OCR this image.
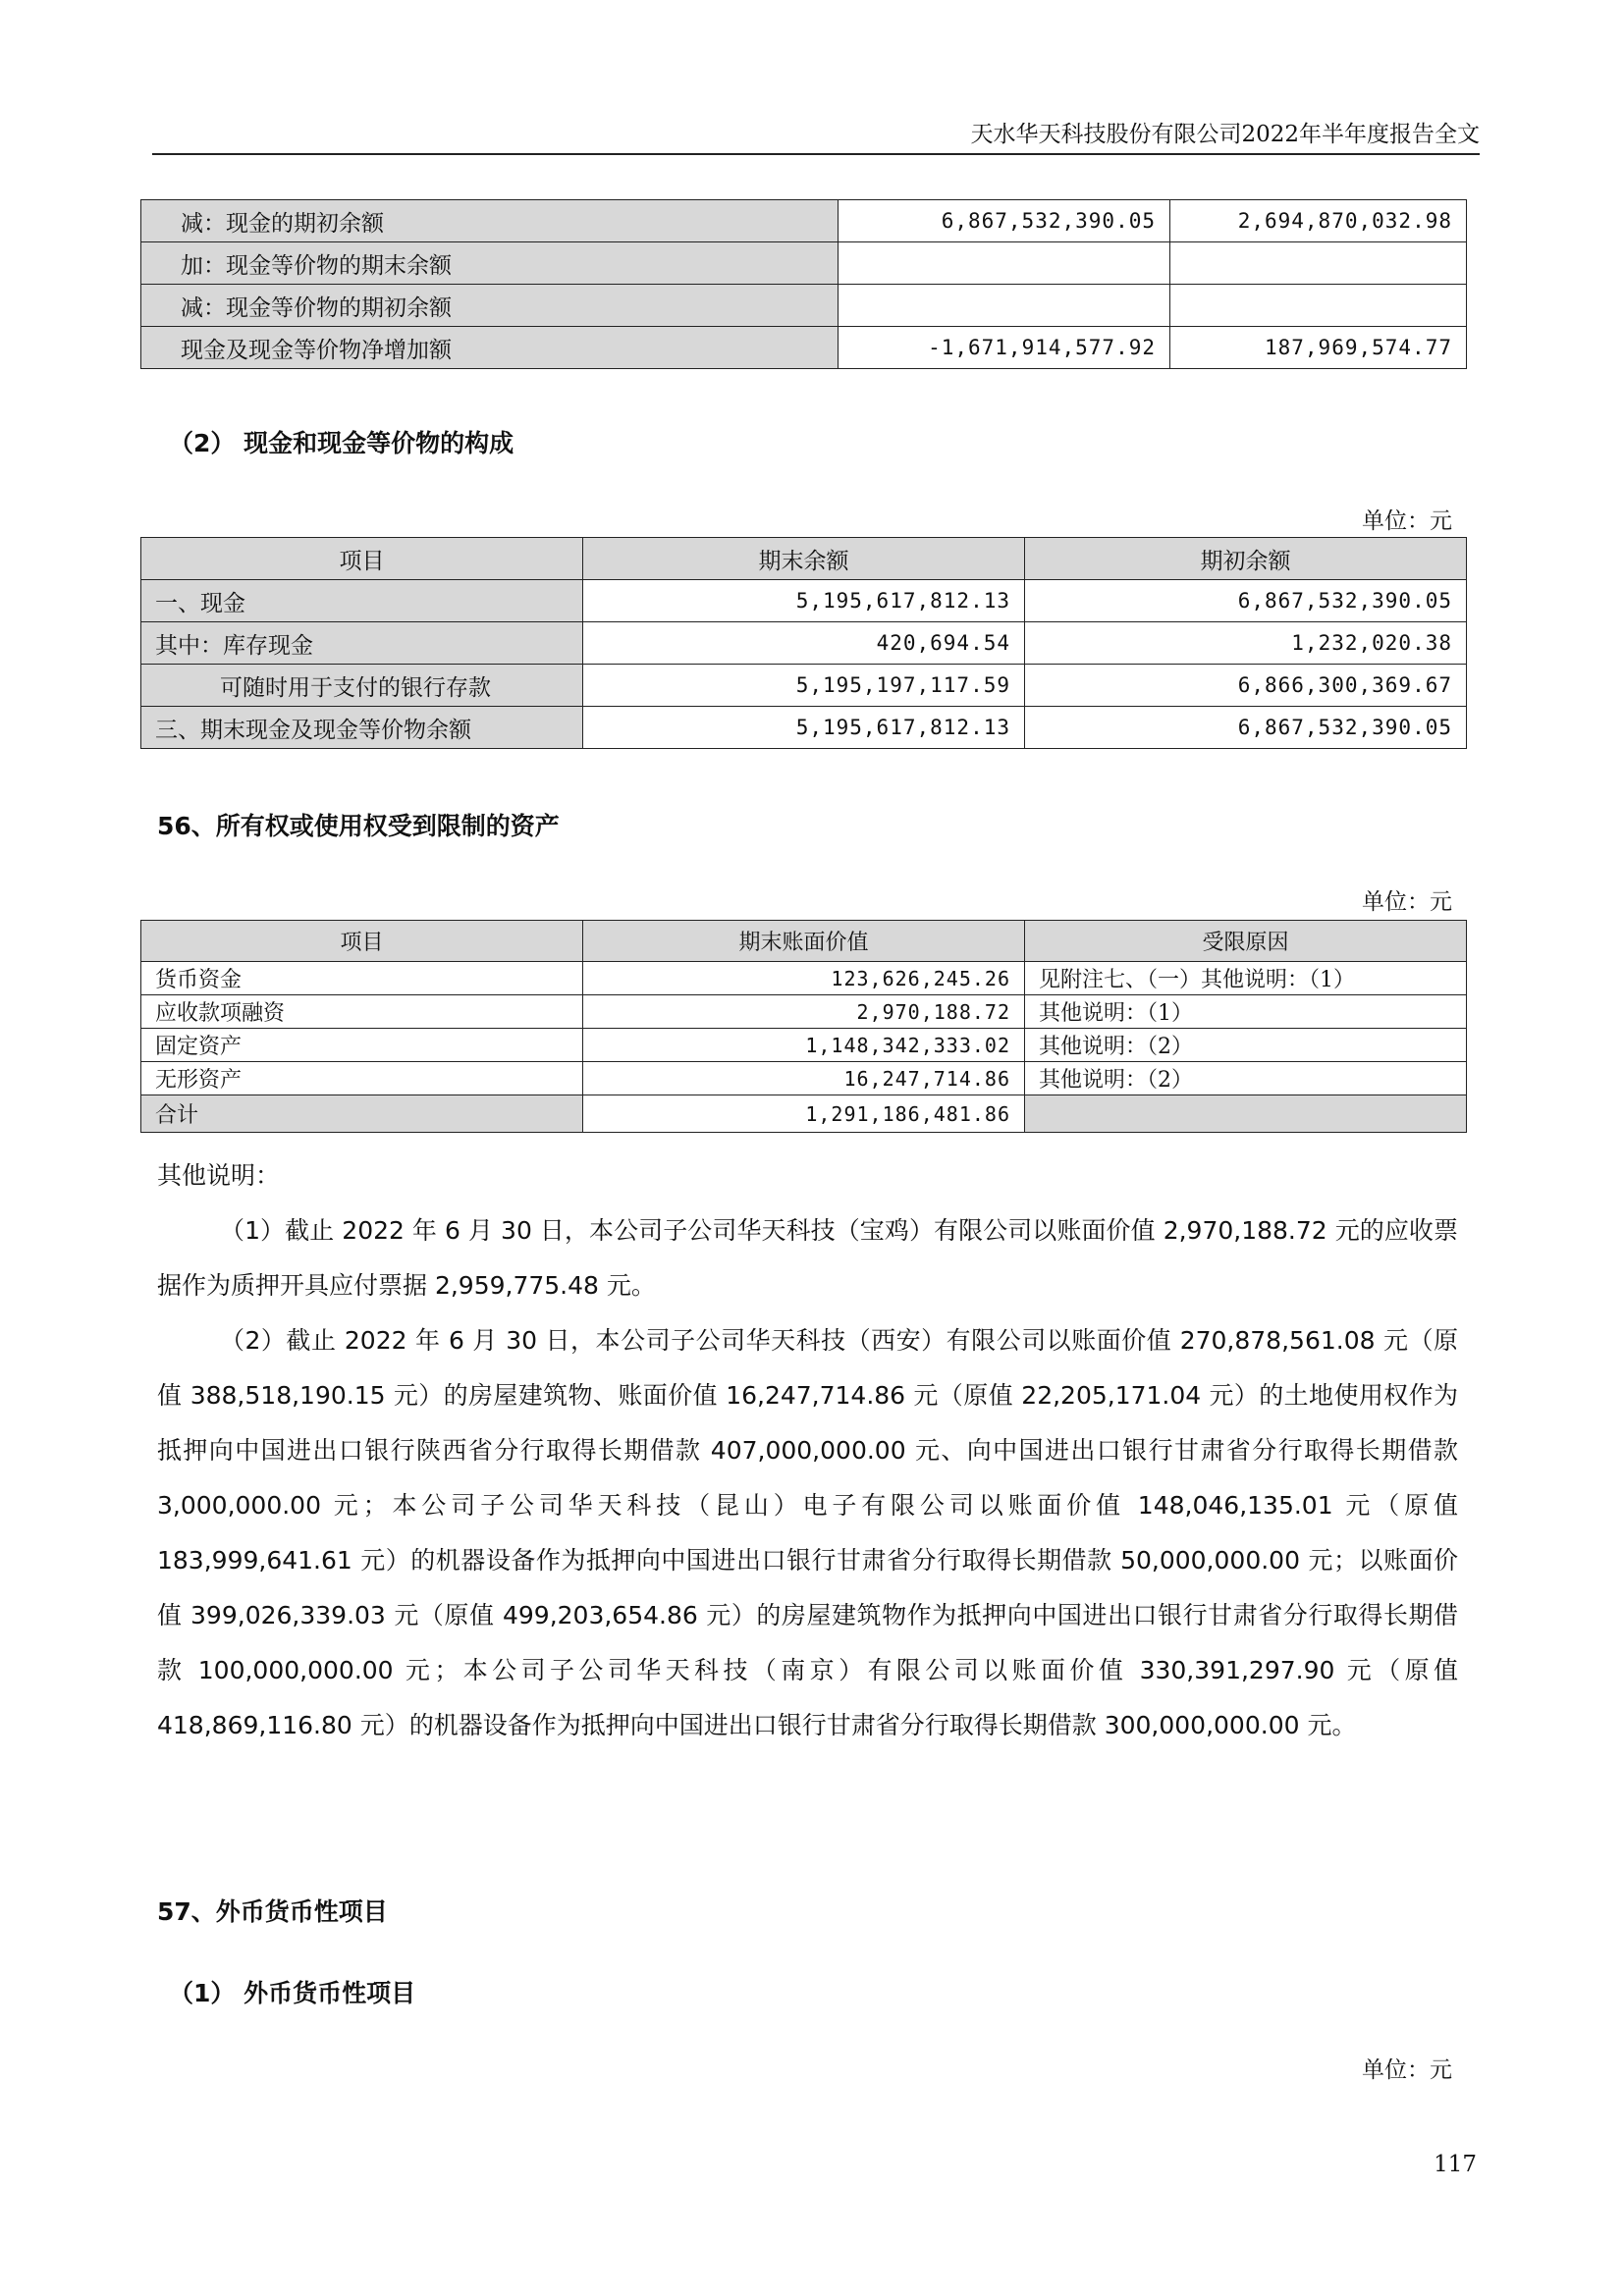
天水华天科技股份有限公司2022年半年度报告全文
减：现金的期初余额	6,867,532,390.05	2,694,870,032.98
加：现金等价物的期末余额		
减：现金等价物的期初余额		
现金及现金等价物净增加额	-1,671,914,577.92	187,969,574.77
（2） 现金和现金等价物的构成
单位：元
项目	期末余额	期初余额
一、现金	5,195,617,812.13	6,867,532,390.05
其中：库存现金	420,694.54	1,232,020.38
可随时用于支付的银行存款	5,195,197,117.59	6,866,300,369.67
三、期末现金及现金等价物余额	5,195,617,812.13	6,867,532,390.05
56、所有权或使用权受到限制的资产
单位：元
项目	期末账面价值	受限原因
货币资金	123,626,245.26	见附注七、（一）其他说明：（1）
应收款项融资	2,970,188.72	其他说明：（1）
固定资产	1,148,342,333.02	其他说明：（2）
无形资产	16,247,714.86	其他说明：（2）
合计	1,291,186,481.86	

其他说明：

（1）截止 2022 年 6 月 30 日，本公司子公司华天科技（宝鸡）有限公司以账面价值 2,970,188.72 元的应收票据作为质押开具应付票据 2,959,775.48 元。

（2）截止 2022 年 6 月 30 日，本公司子公司华天科技（西安）有限公司以账面价值 270,878,561.08 元（原值 388,518,190.15 元）的房屋建筑物、账面价值 16,247,714.86 元（原值 22,205,171.04 元）的土地使用权作为抵押向中国进出口银行陕西省分行取得长期借款 407,000,000.00 元、向中国进出口银行甘肃省分行取得长期借款 3,000,000.00 元；本公司子公司华天科技（昆山）电子有限公司以账面价值 148,046,135.01 元（原值 183,999,641.61 元）的机器设备作为抵押向中国进出口银行甘肃省分行取得长期借款 50,000,000.00 元；以账面价值 399,026,339.03 元（原值 499,203,654.86 元）的房屋建筑物作为抵押向中国进出口银行甘肃省分行取得长期借款 100,000,000.00 元；本公司子公司华天科技（南京）有限公司以账面价值 330,391,297.90 元（原值 418,869,116.80 元）的机器设备作为抵押向中国进出口银行甘肃省分行取得长期借款 300,000,000.00 元。

57、外币货币性项目
（1） 外币货币性项目
单位：元
117
